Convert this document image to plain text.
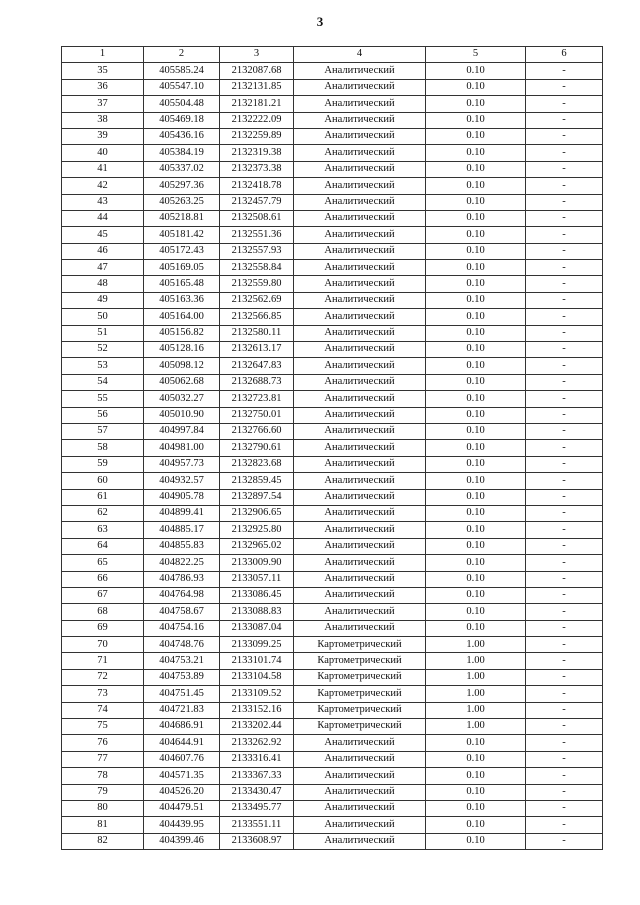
3
1	2	3	4	5	6
35	405585.24	2132087.68	Аналитический	0.10	-
36	405547.10	2132131.85	Аналитический	0.10	-
37	405504.48	2132181.21	Аналитический	0.10	-
38	405469.18	2132222.09	Аналитический	0.10	-
39	405436.16	2132259.89	Аналитический	0.10	-
40	405384.19	2132319.38	Аналитический	0.10	-
41	405337.02	2132373.38	Аналитический	0.10	-
42	405297.36	2132418.78	Аналитический	0.10	-
43	405263.25	2132457.79	Аналитический	0.10	-
44	405218.81	2132508.61	Аналитический	0.10	-
45	405181.42	2132551.36	Аналитический	0.10	-
46	405172.43	2132557.93	Аналитический	0.10	-
47	405169.05	2132558.84	Аналитический	0.10	-
48	405165.48	2132559.80	Аналитический	0.10	-
49	405163.36	2132562.69	Аналитический	0.10	-
50	405164.00	2132566.85	Аналитический	0.10	-
51	405156.82	2132580.11	Аналитический	0.10	-
52	405128.16	2132613.17	Аналитический	0.10	-
53	405098.12	2132647.83	Аналитический	0.10	-
54	405062.68	2132688.73	Аналитический	0.10	-
55	405032.27	2132723.81	Аналитический	0.10	-
56	405010.90	2132750.01	Аналитический	0.10	-
57	404997.84	2132766.60	Аналитический	0.10	-
58	404981.00	2132790.61	Аналитический	0.10	-
59	404957.73	2132823.68	Аналитический	0.10	-
60	404932.57	2132859.45	Аналитический	0.10	-
61	404905.78	2132897.54	Аналитический	0.10	-
62	404899.41	2132906.65	Аналитический	0.10	-
63	404885.17	2132925.80	Аналитический	0.10	-
64	404855.83	2132965.02	Аналитический	0.10	-
65	404822.25	2133009.90	Аналитический	0.10	-
66	404786.93	2133057.11	Аналитический	0.10	-
67	404764.98	2133086.45	Аналитический	0.10	-
68	404758.67	2133088.83	Аналитический	0.10	-
69	404754.16	2133087.04	Аналитический	0.10	-
70	404748.76	2133099.25	Картометрический	1.00	-
71	404753.21	2133101.74	Картометрический	1.00	-
72	404753.89	2133104.58	Картометрический	1.00	-
73	404751.45	2133109.52	Картометрический	1.00	-
74	404721.83	2133152.16	Картометрический	1.00	-
75	404686.91	2133202.44	Картометрический	1.00	-
76	404644.91	2133262.92	Аналитический	0.10	-
77	404607.76	2133316.41	Аналитический	0.10	-
78	404571.35	2133367.33	Аналитический	0.10	-
79	404526.20	2133430.47	Аналитический	0.10	-
80	404479.51	2133495.77	Аналитический	0.10	-
81	404439.95	2133551.11	Аналитический	0.10	-
82	404399.46	2133608.97	Аналитический	0.10	-
